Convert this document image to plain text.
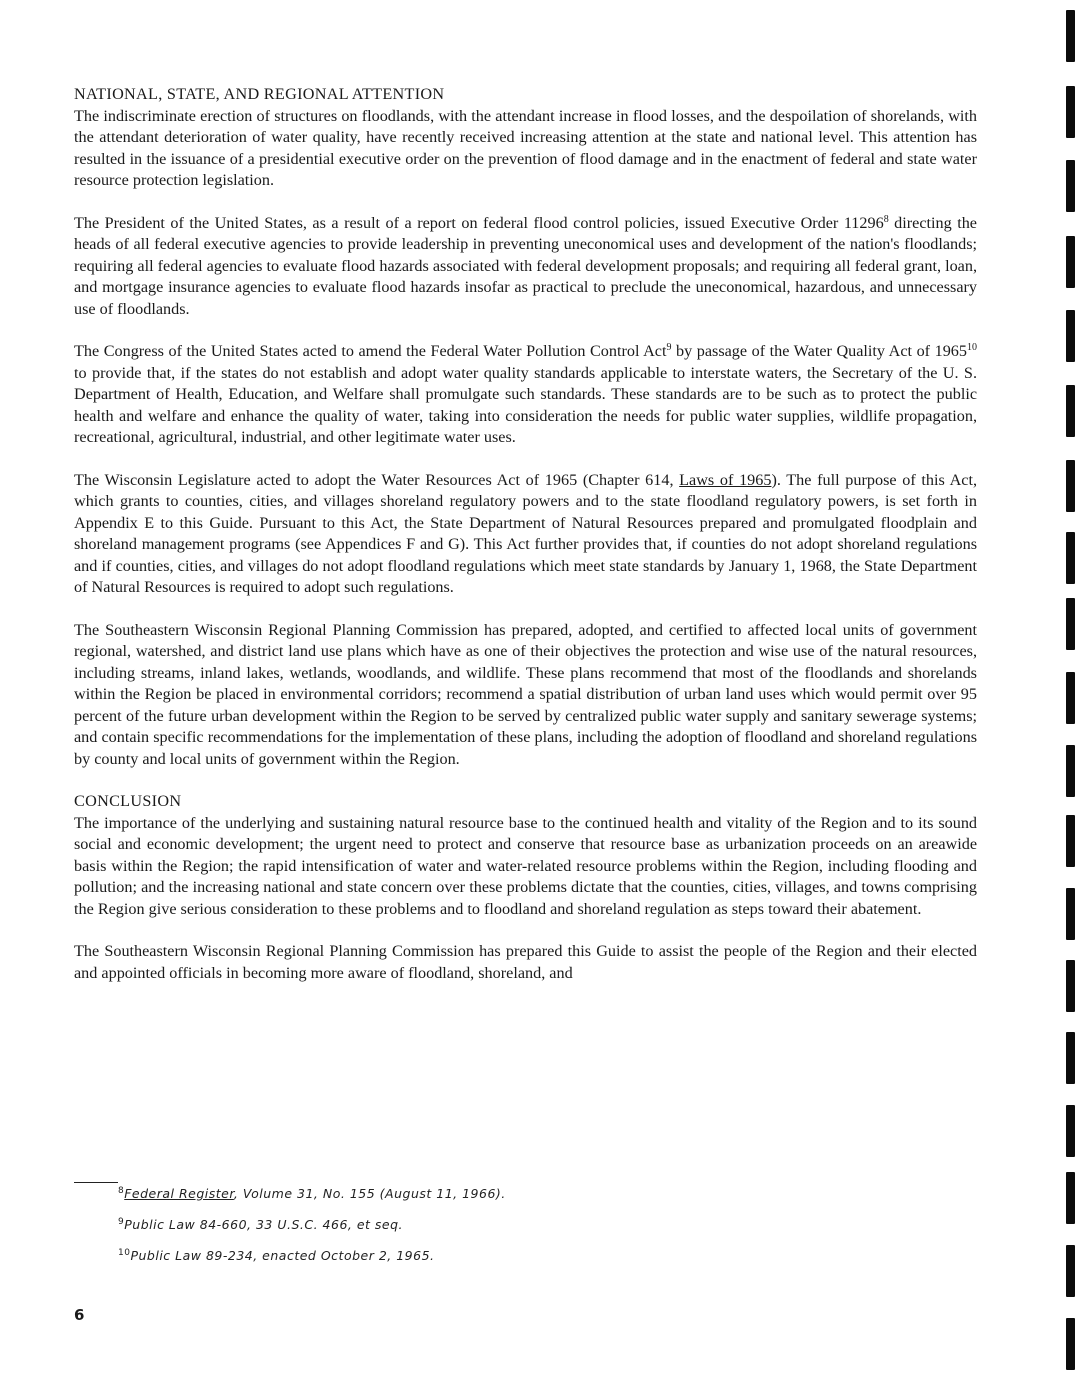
NATIONAL, STATE, AND REGIONAL ATTENTION

The indiscriminate erection of structures on floodlands, with the attendant increase in flood losses, and the despoilation of shorelands, with the attendant deterioration of water quality, have recently received increasing attention at the state and national level. This attention has resulted in the issuance of a presidential executive order on the prevention of flood damage and in the enactment of federal and state water resource protection legislation.

The President of the United States, as a result of a report on federal flood control policies, issued Executive Order 11296$^8$ directing the heads of all federal executive agencies to provide leadership in preventing uneconomical uses and development of the nation's floodlands; requiring all federal agencies to evaluate flood hazards associated with federal development proposals; and requiring all federal grant, loan, and mortgage insurance agencies to evaluate flood hazards insofar as practical to preclude the uneconomical, hazardous, and unnecessary use of floodlands.

The Congress of the United States acted to amend the Federal Water Pollution Control Act$^9$ by passage of the Water Quality Act of 1965$^{10}$ to provide that, if the states do not establish and adopt water quality standards applicable to interstate waters, the Secretary of the U. S. Department of Health, Education, and Welfare shall promulgate such standards. These standards are to be such as to protect the public health and welfare and enhance the quality of water, taking into consideration the needs for public water supplies, wildlife propagation, recreational, agricultural, industrial, and other legitimate water uses.

The Wisconsin Legislature acted to adopt the Water Resources Act of 1965 (Chapter 614, Laws of 1965). The full purpose of this Act, which grants to counties, cities, and villages shoreland regulatory powers and to the state floodland regulatory powers, is set forth in Appendix E to this Guide. Pursuant to this Act, the State Department of Natural Resources prepared and promulgated floodplain and shoreland management programs (see Appendices F and G). This Act further provides that, if counties do not adopt shoreland regulations and if counties, cities, and villages do not adopt floodland regulations which meet state standards by January 1, 1968, the State Department of Natural Resources is required to adopt such regulations.

The Southeastern Wisconsin Regional Planning Commission has prepared, adopted, and certified to affected local units of government regional, watershed, and district land use plans which have as one of their objectives the protection and wise use of the natural resources, including streams, inland lakes, wetlands, woodlands, and wildlife. These plans recommend that most of the floodlands and shorelands within the Region be placed in environmental corridors; recommend a spatial distribution of urban land uses which would permit over 95 percent of the future urban development within the Region to be served by centralized public water supply and sanitary sewerage systems; and contain specific recommendations for the implementation of these plans, including the adoption of floodland and shoreland regulations by county and local units of government within the Region.

CONCLUSION

The importance of the underlying and sustaining natural resource base to the continued health and vitality of the Region and to its sound social and economic development; the urgent need to protect and conserve that resource base as urbanization proceeds on an areawide basis within the Region; the rapid intensification of water and water-related resource problems within the Region, including flooding and pollution; and the increasing national and state concern over these problems dictate that the counties, cities, villages, and towns comprising the Region give serious consideration to these problems and to floodland and shoreland regulation as steps toward their abatement.

The Southeastern Wisconsin Regional Planning Commission has prepared this Guide to assist the people of the Region and their elected and appointed officials in becoming more aware of floodland, shoreland, and

$^8$Federal Register, Volume 31, No. 155 (August 11, 1966).
$^9$Public Law 84-660, 33 U.S.C. 466, et seq.
$^{10}$Public Law 89-234, enacted October 2, 1965.
6
